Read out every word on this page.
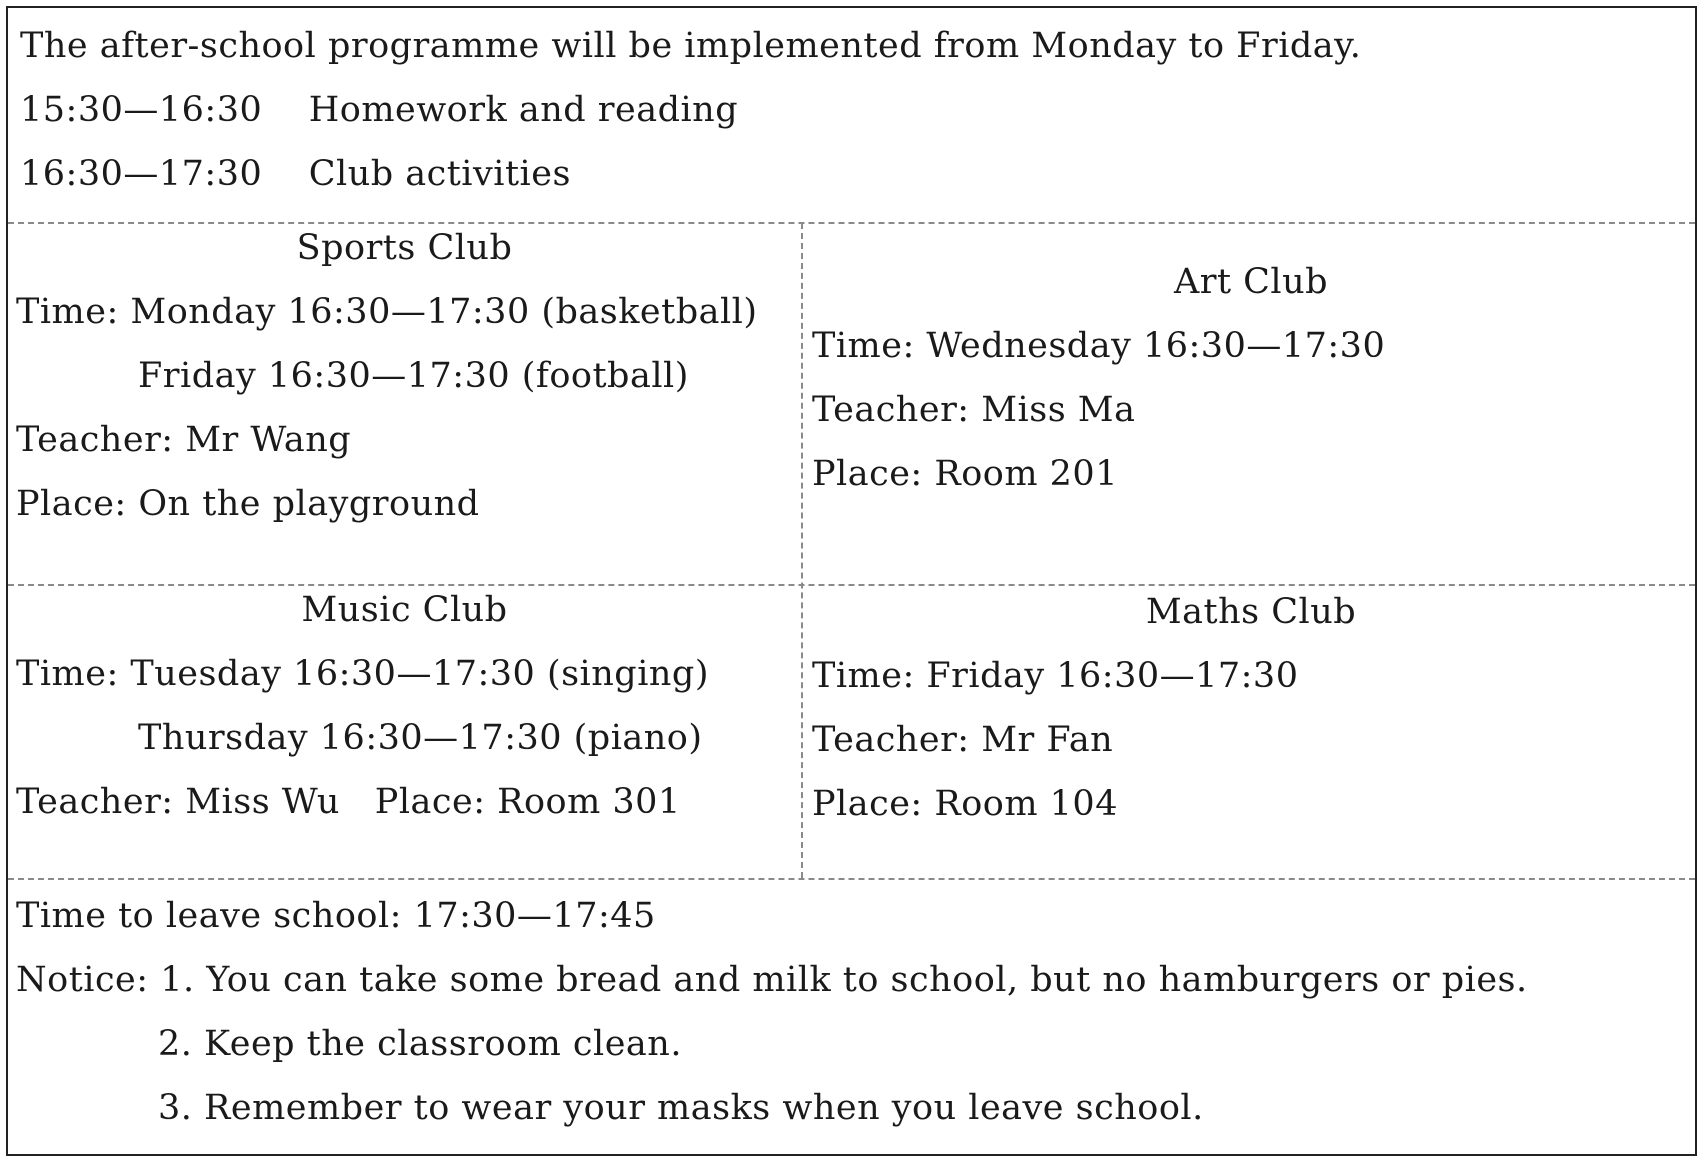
The after-school programme will be implemented from Monday to Friday.
15:30—16:30    Homework and reading
16:30—17:30    Club activities
Sports Club
Time: Monday 16:30—17:30 (basketball)
Friday 16:30—17:30 (football)
Teacher: Mr Wang
Place: On the playground
Art Club
Time: Wednesday 16:30—17:30
Teacher: Miss Ma
Place: Room 201
Music Club
Time: Tuesday 16:30—17:30 (singing)
Thursday 16:30—17:30 (piano)
Teacher: Miss Wu   Place: Room 301
Maths Club
Time: Friday 16:30—17:30
Teacher: Mr Fan
Place: Room 104
Time to leave school: 17:30—17:45
Notice: 1. You can take some bread and milk to school, but no hamburgers or pies.
2. Keep the classroom clean.
3. Remember to wear your masks when you leave school.
